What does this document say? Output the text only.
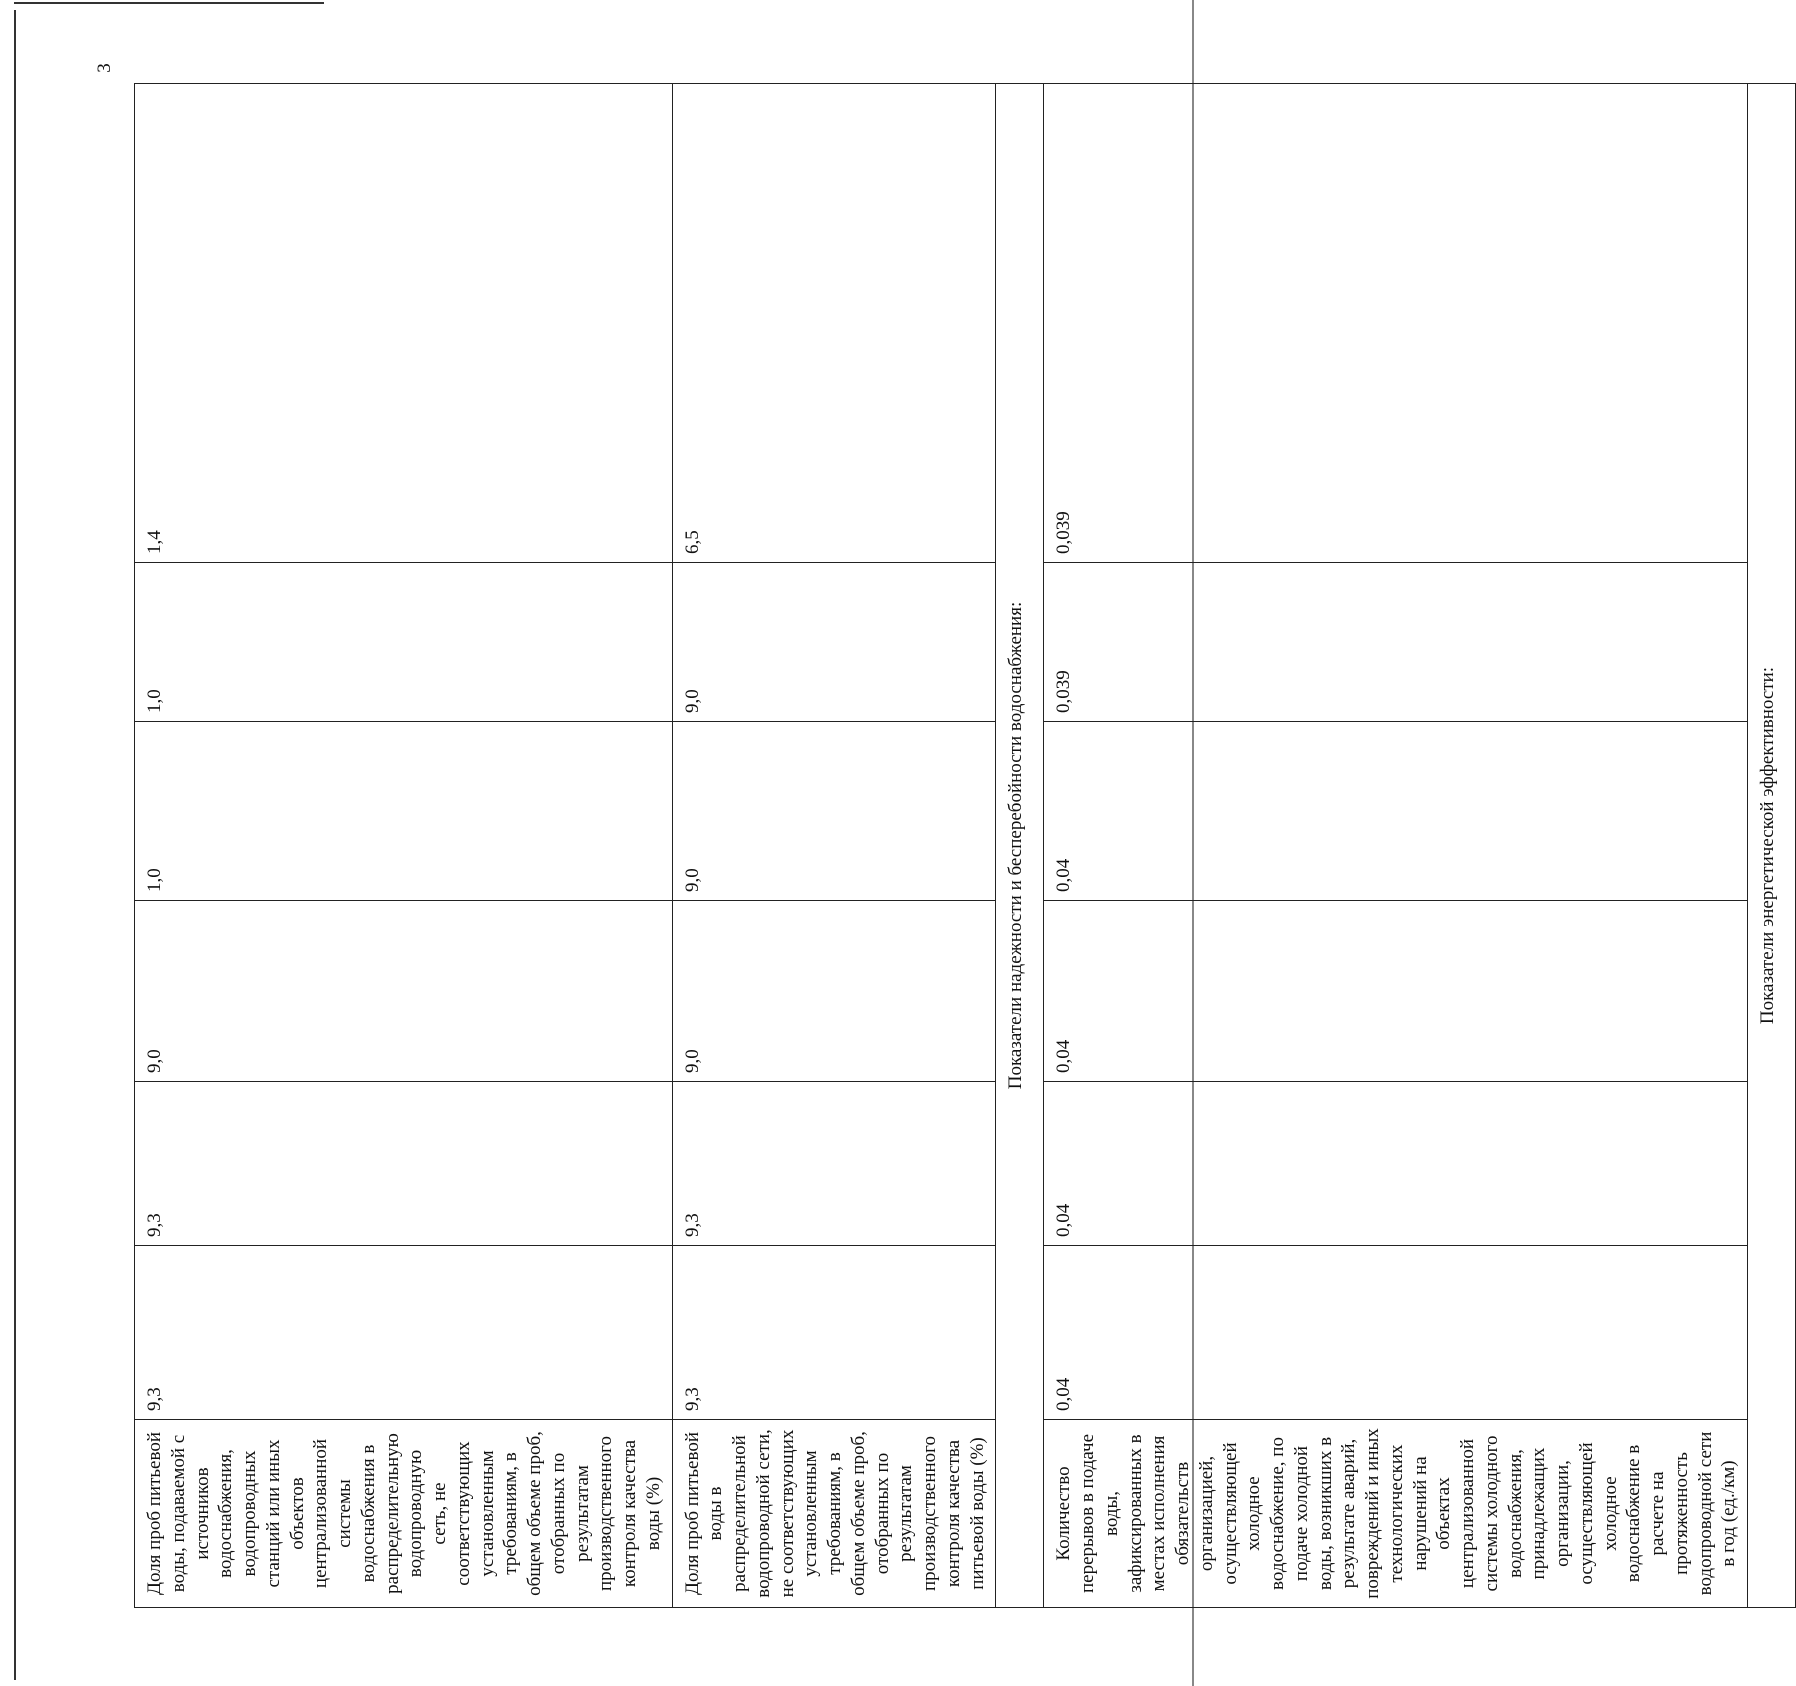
3
Доля проб питьевой воды, подаваемой с источников водоснабжения, водопроводных станций или иных объектов централизованной системы водоснабжения в распределительную водопроводную сеть, не соответствующих установленным требованиям, в общем объеме проб, отобранных по результатам производственного контроля качества воды (%)	9,3	9,3	9,0	1,0	1,0	1,4
Доля проб питьевой воды в распределительной водопроводной сети, не соответствующих установленным требованиям, в общем объеме проб, отобранных по результатам производственного контроля качества питьевой воды (%)	9,3	9,3	9,0	9,0	9,0	6,5
Показатели надежности и бесперебойности водоснабжения:						
Количество перерывов в подаче воды, зафиксированных в местах исполнения обязательств организацией, осуществляющей холодное водоснабжение, по подаче холодной воды, возникших в результате аварий, повреждений и иных технологических нарушений на объектах централизованной системы холодного водоснабжения, принадлежащих организации, осуществляющей холодное водоснабжение в расчете на протяженность водопроводной сети в год (ед./км)	0,04	0,04	0,04	0,04	0,039	0,039
Показатели энергетической эффективности:						
